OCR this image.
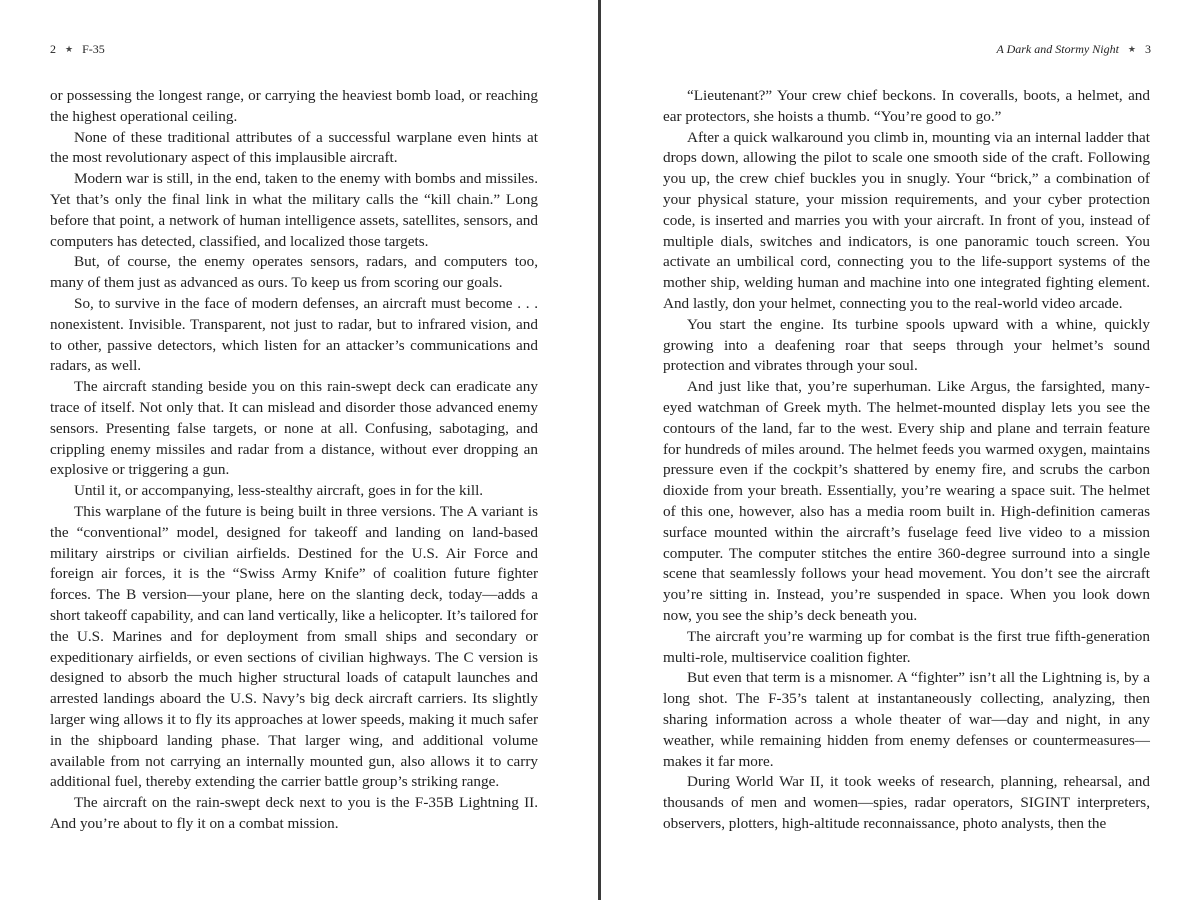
2 ★ F-35

or possessing the longest range, or carrying the heaviest bomb load, or reaching the highest operational ceiling.

None of these traditional attributes of a successful warplane even hints at the most revolutionary aspect of this implausible aircraft.

Modern war is still, in the end, taken to the enemy with bombs and missiles. Yet that’s only the final link in what the military calls the “kill chain.” Long before that point, a network of human intelligence assets, satellites, sensors, and computers has detected, classified, and localized those targets.

But, of course, the enemy operates sensors, radars, and computers too, many of them just as advanced as ours. To keep us from scoring our goals.

So, to survive in the face of modern defenses, an aircraft must become . . . nonexistent. Invisible. Transparent, not just to radar, but to infrared vision, and to other, passive detectors, which listen for an attacker’s communications and radars, as well.

The aircraft standing beside you on this rain-swept deck can eradicate any trace of itself. Not only that. It can mislead and disorder those advanced enemy sensors. Presenting false targets, or none at all. Confusing, sabotaging, and crippling enemy missiles and radar from a distance, without ever dropping an explosive or triggering a gun.

Until it, or accompanying, less-stealthy aircraft, goes in for the kill.

This warplane of the future is being built in three versions. The A variant is the “conventional” model, designed for takeoff and landing on land-based military airstrips or civilian airfields. Destined for the U.S. Air Force and foreign air forces, it is the “Swiss Army Knife” of coalition future fighter forces. The B version—your plane, here on the slanting deck, today—adds a short takeoff capability, and can land vertically, like a helicopter. It’s tailored for the U.S. Marines and for deployment from small ships and secondary or expeditionary airfields, or even sections of civilian highways. The C version is designed to absorb the much higher structural loads of catapult launches and arrested landings aboard the U.S. Navy’s big deck aircraft carriers. Its slightly larger wing allows it to fly its approaches at lower speeds, making it much safer in the shipboard landing phase. That larger wing, and additional volume available from not carrying an internally mounted gun, also allows it to carry additional fuel, thereby extending the carrier battle group’s striking range.

The aircraft on the rain-swept deck next to you is the F-35B Lightning II. And you’re about to fly it on a combat mission.

A Dark and Stormy Night ★ 3

“Lieutenant?” Your crew chief beckons. In coveralls, boots, a helmet, and ear protectors, she hoists a thumb. “You’re good to go.”

After a quick walkaround you climb in, mounting via an internal ladder that drops down, allowing the pilot to scale one smooth side of the craft. Following you up, the crew chief buckles you in snugly. Your “brick,” a combination of your physical stature, your mission requirements, and your cyber protection code, is inserted and marries you with your aircraft. In front of you, instead of multiple dials, switches and indicators, is one panoramic touch screen. You activate an umbilical cord, connecting you to the life-support systems of the mother ship, welding human and machine into one integrated fighting element. And lastly, don your helmet, connecting you to the real-world video arcade.

You start the engine. Its turbine spools upward with a whine, quickly growing into a deafening roar that seeps through your helmet’s sound protection and vibrates through your soul.

And just like that, you’re superhuman. Like Argus, the farsighted, many-eyed watchman of Greek myth. The helmet-mounted display lets you see the contours of the land, far to the west. Every ship and plane and terrain feature for hundreds of miles around. The helmet feeds you warmed oxygen, maintains pressure even if the cockpit’s shattered by enemy fire, and scrubs the carbon dioxide from your breath. Essentially, you’re wearing a space suit. The helmet of this one, however, also has a media room built in. High-definition cameras surface mounted within the aircraft’s fuselage feed live video to a mission computer. The computer stitches the entire 360-degree surround into a single scene that seamlessly follows your head movement. You don’t see the aircraft you’re sitting in. Instead, you’re suspended in space. When you look down now, you see the ship’s deck beneath you.

The aircraft you’re warming up for combat is the first true fifth-generation multi-role, multiservice coalition fighter.

But even that term is a misnomer. A “fighter” isn’t all the Lightning is, by a long shot. The F-35’s talent at instantaneously collecting, analyzing, then sharing information across a whole theater of war—day and night, in any weather, while remaining hidden from enemy defenses or countermeasures—makes it far more.

During World War II, it took weeks of research, planning, rehearsal, and thousands of men and women—spies, radar operators, SIGINT interpreters, observers, plotters, high-altitude reconnaissance, photo analysts, then the
